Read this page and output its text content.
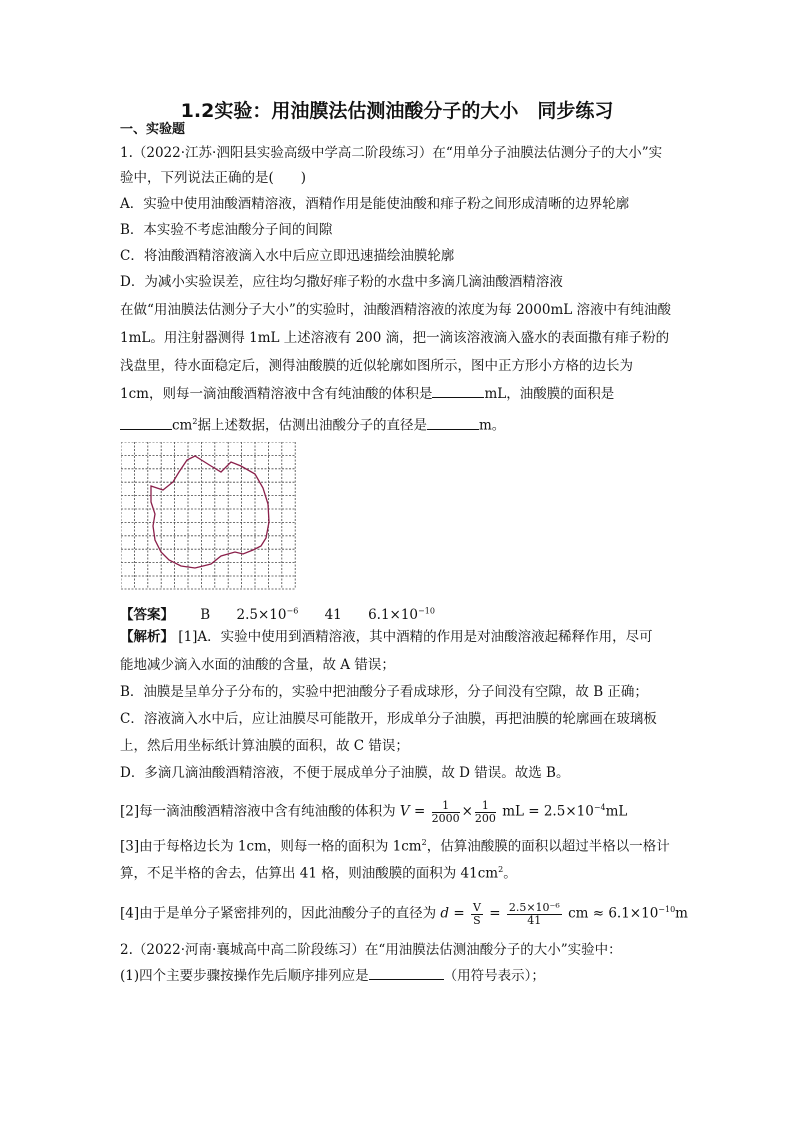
1.2实验：用油膜法估测油酸分子的大小　同步练习
一、实验题
1.（2022·江苏·泗阳县实验高级中学高二阶段练习）在“用单分子油膜法估测分子的大小”实
验中，下列说法正确的是(　　)
A．实验中使用油酸酒精溶液，酒精作用是能使油酸和痱子粉之间形成清晰的边界轮廓
B．本实验不考虑油酸分子间的间隙
C．将油酸酒精溶液滴入水中后应立即迅速描绘油膜轮廓
D．为减小实验误差，应往均匀撒好痱子粉的水盘中多滴几滴油酸酒精溶液
在做“用油膜法估测分子大小”的实验时，油酸酒精溶液的浓度为每 2000mL 溶液中有纯油酸
1mL。用注射器测得 1mL 上述溶液有 200 滴，把一滴该溶液滴入盛水的表面撒有痱子粉的
浅盘里，待水面稳定后，测得油酸膜的近似轮廓如图所示，图中正方形小方格的边长为
1cm，则每一滴油酸酒精溶液中含有纯油酸的体积是	mL，油酸膜的面积是
$cm^2$据上述数据，估测出油酸分子的直径是	m。
【答案】 B $2.5\times 10^{-6}$ 41 $6.1\times 10^{-10}$
【解析】 [1]A．实验中使用到酒精溶液，其中酒精的作用是对油酸溶液起稀释作用，尽可
能地减少滴入水面的油酸的含量，故 A 错误；
B．油膜是呈单分子分布的，实验中把油酸分子看成球形，分子间没有空隙，故 B 正确；
C．溶液滴入水中后，应让油膜尽可能散开，形成单分子油膜，再把油膜的轮廓画在玻璃板
上，然后用坐标纸计算油膜的面积，故 C 错误；
D．多滴几滴油酸酒精溶液，不便于展成单分子油膜，故 D 错误。故选 B。
[2]每一滴油酸酒精溶液中含有纯油酸的体积为 $V = \frac{1}{2000} \times \frac{1}{200}$ mL = $2.5\times 10^{-4}mL$
[3]由于每格边长为 1cm，则每一格的面积为 $1cm^2$，估算油酸膜的面积以超过半格以一格计
算，不足半格的舍去，估算出 41 格，则油酸膜的面积为 $41cm^2$。
[4]由于是单分子紧密排列的，因此油酸分子的直径为 $d = \frac{V}{S} = \frac{\text{2.5×10⁻⁶}}{41}$ cm ≈ $6.1\times 10^{-10}m$
2.（2022·河南·襄城高中高二阶段练习）在“用油膜法估测油酸分子的大小”实验中：
(1)四个主要步骤按操作先后顺序排列应是	（用符号表示）；
